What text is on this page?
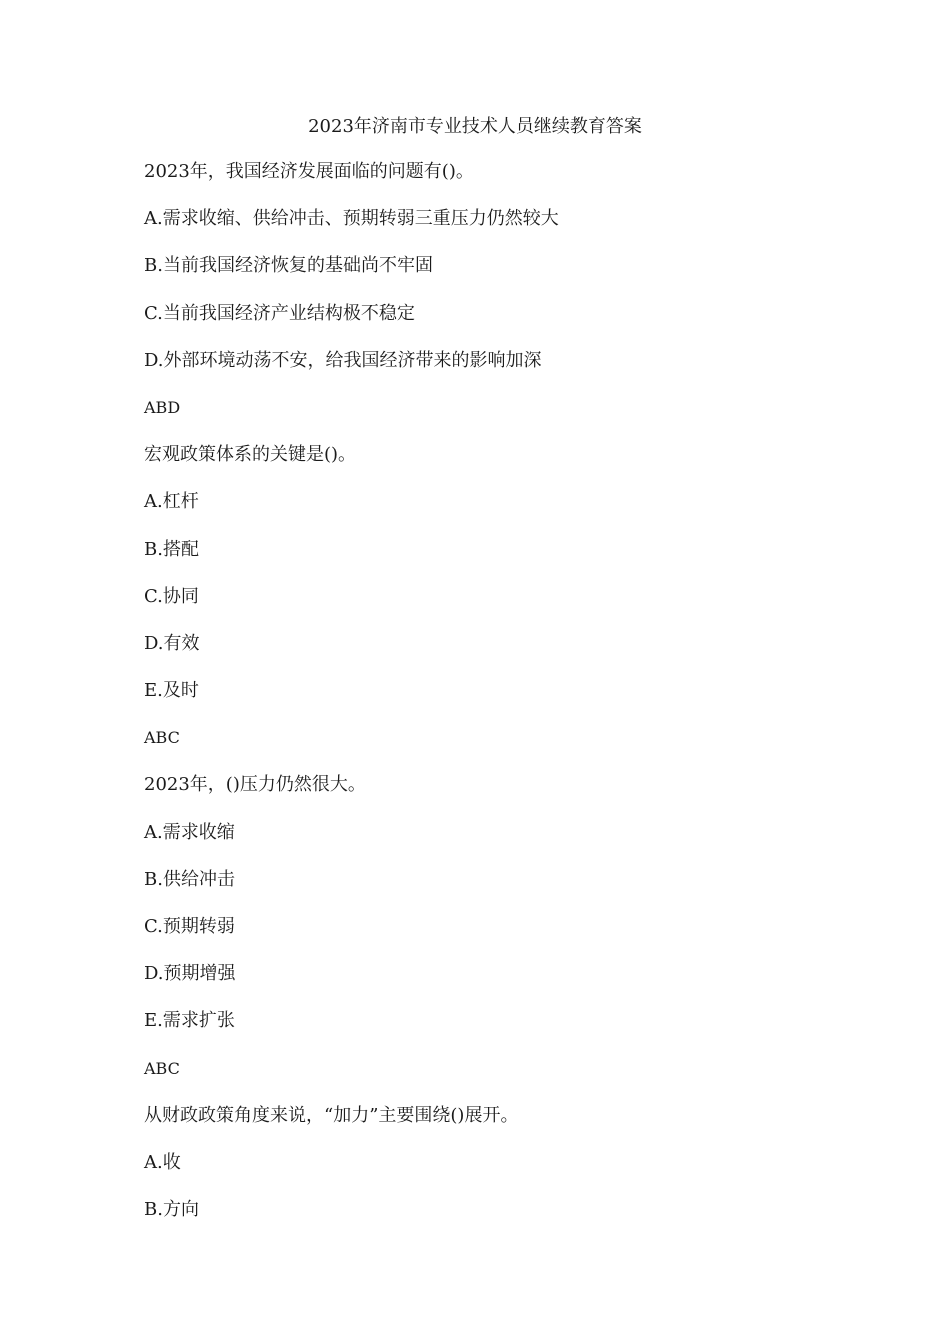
2023年济南市专业技术人员继续教育答案
2023年，我国经济发展面临的问题有()。
A.需求收缩、供给冲击、预期转弱三重压力仍然较大
B.当前我国经济恢复的基础尚不牢固
C.当前我国经济产业结构极不稳定
D.外部环境动荡不安，给我国经济带来的影响加深
ABD
宏观政策体系的关键是()。
A.杠杆
B.搭配
C.协同
D.有效
E.及时
ABC
2023年，()压力仍然很大。
A.需求收缩
B.供给冲击
C.预期转弱
D.预期增强
E.需求扩张
ABC
从财政政策角度来说，“加力”主要围绕()展开。
A.收
B.方向
